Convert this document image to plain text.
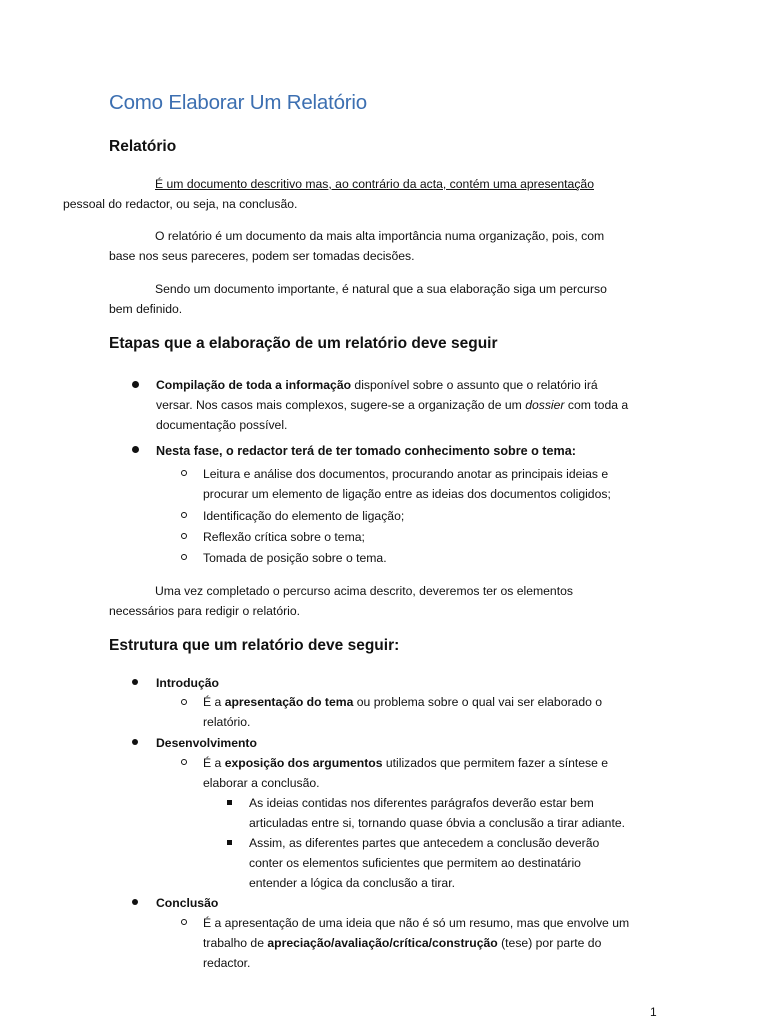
Como Elaborar Um Relatório
Relatório
É um documento descritivo mas, ao contrário da acta, contém uma apresentação
pessoal do redactor, ou seja, na conclusão.
O relatório é um documento da mais alta importância numa organização, pois, com
base nos seus pareceres, podem ser tomadas decisões.
Sendo um documento importante, é natural que a sua elaboração siga um percurso
bem definido.
Etapas que a elaboração de um relatório deve seguir
Compilação de toda a informação disponível sobre o assunto que o relatório irá
versar. Nos casos mais complexos, sugere-se a organização de um dossier com toda a
documentação possível.
Nesta fase, o redactor terá de ter tomado conhecimento sobre o tema:
Leitura e análise dos documentos, procurando anotar as principais ideias e
procurar um elemento de ligação entre as ideias dos documentos coligidos;
Identificação do elemento de ligação;
Reflexão crítica sobre o tema;
Tomada de posição sobre o tema.
Uma vez completado o percurso acima descrito, deveremos ter os elementos
necessários para redigir o relatório.
Estrutura que um relatório deve seguir:
Introdução
É a apresentação do tema ou problema sobre o qual vai ser elaborado o
relatório.
Desenvolvimento
É a exposição dos argumentos utilizados que permitem fazer a síntese e
elaborar a conclusão.
As ideias contidas nos diferentes parágrafos deverão estar bem
articuladas entre si, tornando quase óbvia a conclusão a tirar adiante.
Assim, as diferentes partes que antecedem a conclusão deverão
conter os elementos suficientes que permitem ao destinatário
entender a lógica da conclusão a tirar.
Conclusão
É a apresentação de uma ideia que não é só um resumo, mas que envolve um
trabalho de apreciação/avaliação/crítica/construção (tese) por parte do
redactor.
1
